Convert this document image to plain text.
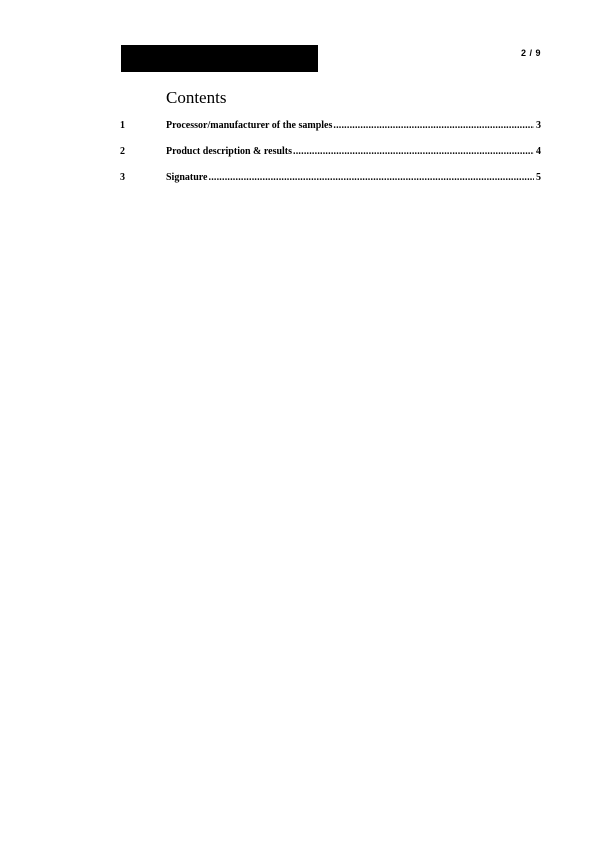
2 / 9
Contents
1	Processor/manufacturer of the samples .....	3
2	Product description & results .....	4
3	Signature .....	5
